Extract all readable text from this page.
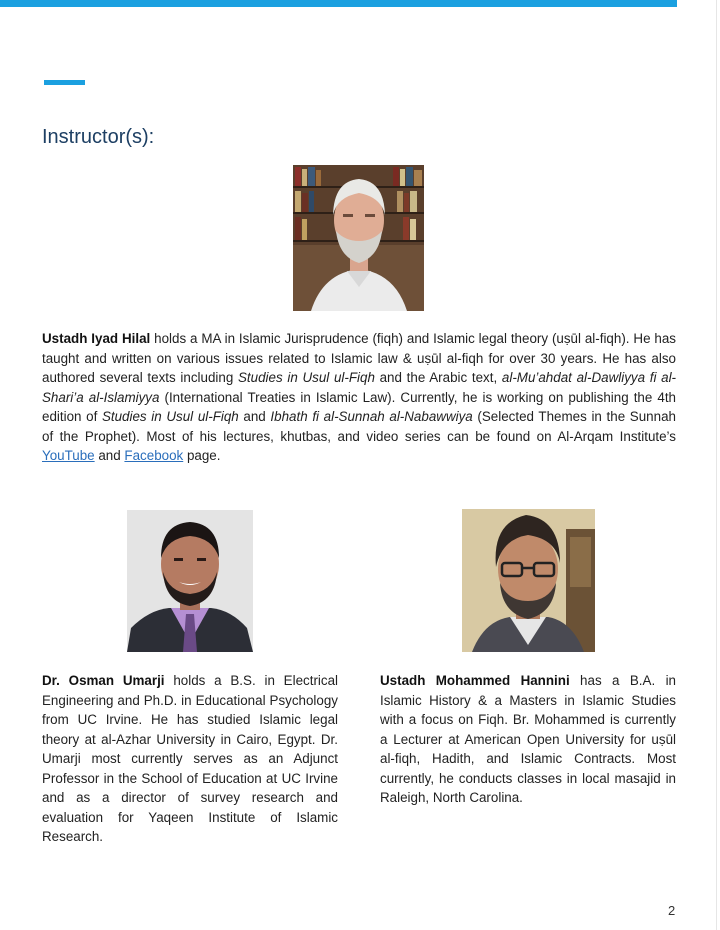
Instructor(s):

Ustadh Iyad Hilal holds a MA in Islamic Jurisprudence (fiqh) and Islamic legal theory (uṣūl al-fiqh). He has taught and written on various issues related to Islamic law & uṣūl al-fiqh for over 30 years. He has also authored several texts including Studies in Usul ul-Fiqh and the Arabic text, al-Mu’ahdat al-Dawliyya fi al-Shari’a al-Islamiyya (International Treaties in Islamic Law). Currently, he is working on publishing the 4th edition of Studies in Usul ul-Fiqh and Ibhath fi al-Sunnah al-Nabawwiya (Selected Themes in the Sunnah of the Prophet). Most of his lectures, khutbas, and video series can be found on Al-Arqam Institute’s YouTube and Facebook page.

Dr. Osman Umarji holds a B.S. in Electrical Engineering and Ph.D. in Educational Psychology from UC Irvine. He has studied Islamic legal theory at al-Azhar University in Cairo, Egypt. Dr. Umarji most currently serves as an Adjunct Professor in the School of Education at UC Irvine and as a director of survey research and evaluation for Yaqeen Institute of Islamic Research.

Ustadh Mohammed Hannini has a B.A. in Islamic History & a Masters in Islamic Studies with a focus on Fiqh. Br. Mohammed is currently a Lecturer at American Open University for uṣūl al-fiqh, Hadith, and Islamic Contracts. Most currently, he conducts classes in local masajid in Raleigh, North Carolina.

2
